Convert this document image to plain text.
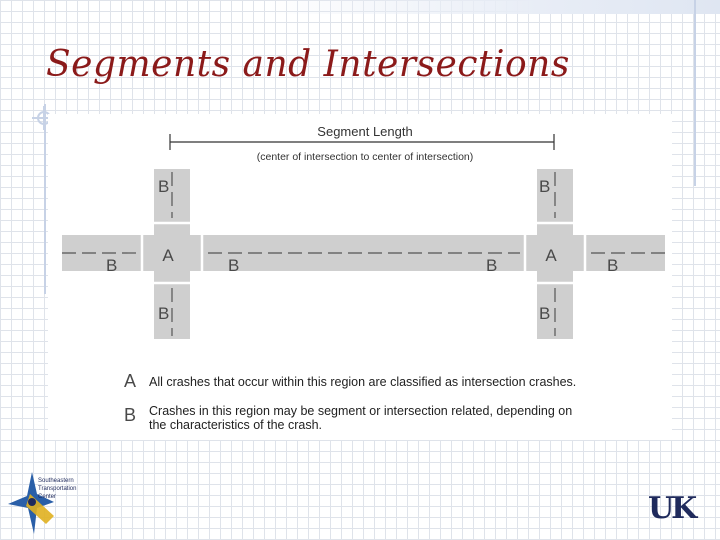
Segments and Intersections
Segment Length
(center of intersection to center of intersection)
A	A
B
B
B
B
B	B	B	B
A All crashes that occur within this region are classified as intersection crashes.
B Crashes in this region may be segment or intersection related, depending on
the characteristics of the crash.
Southeastern
Transportation
Center	UK
